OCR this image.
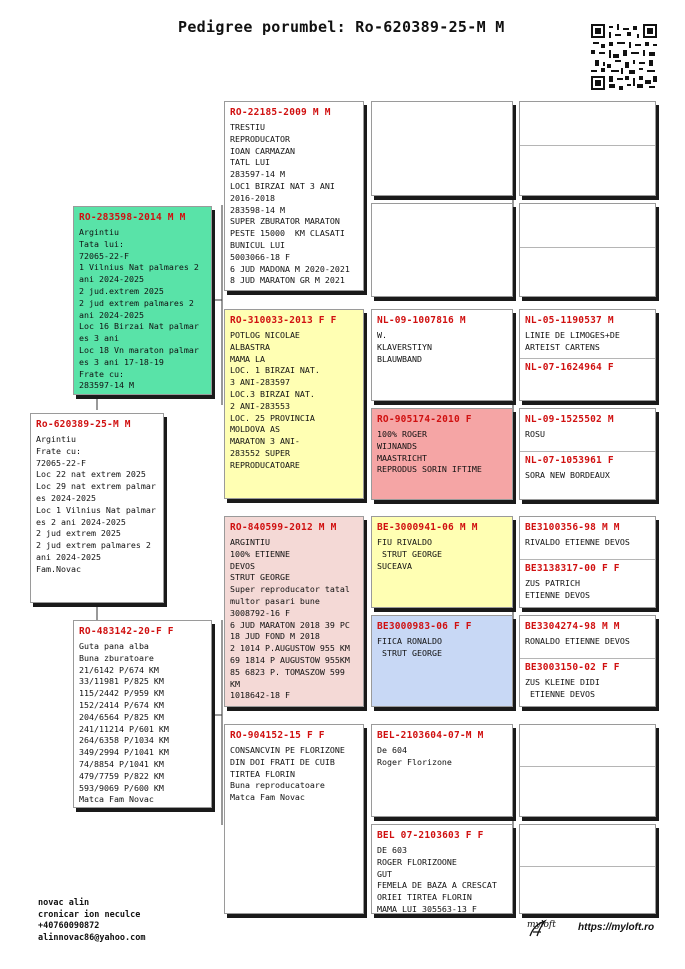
Pedigree porumbel: Ro-620389-25-M M
Ro-620389-25-M M
Argintiu
Frate cu:
72065-22-F
Loc 22 nat extrem 2025
Loc 29 nat extrem palmar
es 2024-2025
Loc 1 Vilnius Nat palmar
es 2 ani 2024-2025
2 jud extrem 2025
2 jud extrem palmares 2
ani 2024-2025
Fam.Novac
RO-283598-2014 M M
Argintiu
Tata lui:
72065-22-F
1 Vilnius Nat palmares 2
ani 2024-2025
2 jud.extrem 2025
2 jud extrem palmares 2
ani 2024-2025
Loc 16 Birzai Nat palmar
es 3 ani
Loc 18 Vn maraton palmar
es 3 ani 17-18-19
Frate cu:
283597-14 M
RO-483142-20-F F
Guta pana alba
Buna zburatoare
21/6142 P/674 KM
33/11981 P/825 KM
115/2442 P/959 KM
152/2414 P/674 KM
204/6564 P/825 KM
241/11214 P/601 KM
264/6358 P/1034 KM
349/2994 P/1041 KM
74/8854 P/1041 KM
479/7759 P/822 KM
593/9069 P/600 KM
Matca Fam Novac
RO-22185-2009 M M
TRESTIU
REPRODUCATOR
IOAN CARMAZAN
TATL LUI
283597-14 M
LOC1 BIRZAI NAT 3 ANI
2016-2018
283598-14 M
SUPER ZBURATOR MARATON
PESTE 15000  KM CLASATI
BUNICUL LUI
5003066-18 F
6 JUD MADONA M 2020-2021
8 JUD MARATON GR M 2021
RO-310033-2013 F F
POTLOG NICOLAE
ALBASTRA
MAMA LA
LOC. 1 BIRZAI NAT.
3 ANI-283597
LOC.3 BIRZAI NAT.
2 ANI-283553
LOC. 25 PROVINCIA
MOLDOVA AS
MARATON 3 ANI-
283552 SUPER
REPRODUCATOARE
RO-840599-2012 M M
ARGINTIU
100% ETIENNE
DEVOS
STRUT GEORGE
Super reproducator tatal
multor pasari bune
3008792-16 F
6 JUD MARATON 2018 39 PC
18 JUD FOND M 2018
2 1014 P.AUGUSTOW 955 KM
69 1814 P AUGUSTOW 955KM
85 6823 P. TOMASZOW 599
KM
1018642-18 F
RO-904152-15 F F
CONSANCVIN PE FLORIZONE
DIN DOI FRATI DE CUIB
TIRTEA FLORIN
Buna reproducatoare
Matca Fam Novac
NL-09-1007816 M
W.
KLAVERSTIYN
BLAUWBAND
RO-905174-2010 F
100% ROGER
WIJNANDS
MAASTRICHT
REPRODUS SORIN IFTIME
BE-3000941-06 M M
FIU RIVALDO
STRUT GEORGE
SUCEAVA
BE3000983-06 F F
FIICA RONALDO
STRUT GEORGE
BEL-2103604-07-M M
De 604
Roger Florizone
BEL 07-2103603 F F
DE 603
ROGER FLORIZOONE
GUT
FEMELA DE BAZA A CRESCAT
ORIEI TIRTEA FLORIN
MAMA LUI 305563-13 F
NL-05-1190537 M
LINIE DE LIMOGES+DE
ARTEIST CARTENS
NL-07-1624964 F
NL-09-1525502 M
ROSU
NL-07-1053961 F
SORA NEW BORDEAUX
BE3100356-98 M M
RIVALDO ETIENNE DEVOS
BE3138317-00 F F
ZUS PATRICH
ETIENNE DEVOS
BE3304274-98 M M
RONALDO ETIENNE DEVOS
BE3003150-02 F F
ZUS KLEINE DIDI
ETIENNE DEVOS
novac alin
cronicar ion neculce
+40760090872
alinnovac86@yahoo.com
myloft https://myloft.ro
